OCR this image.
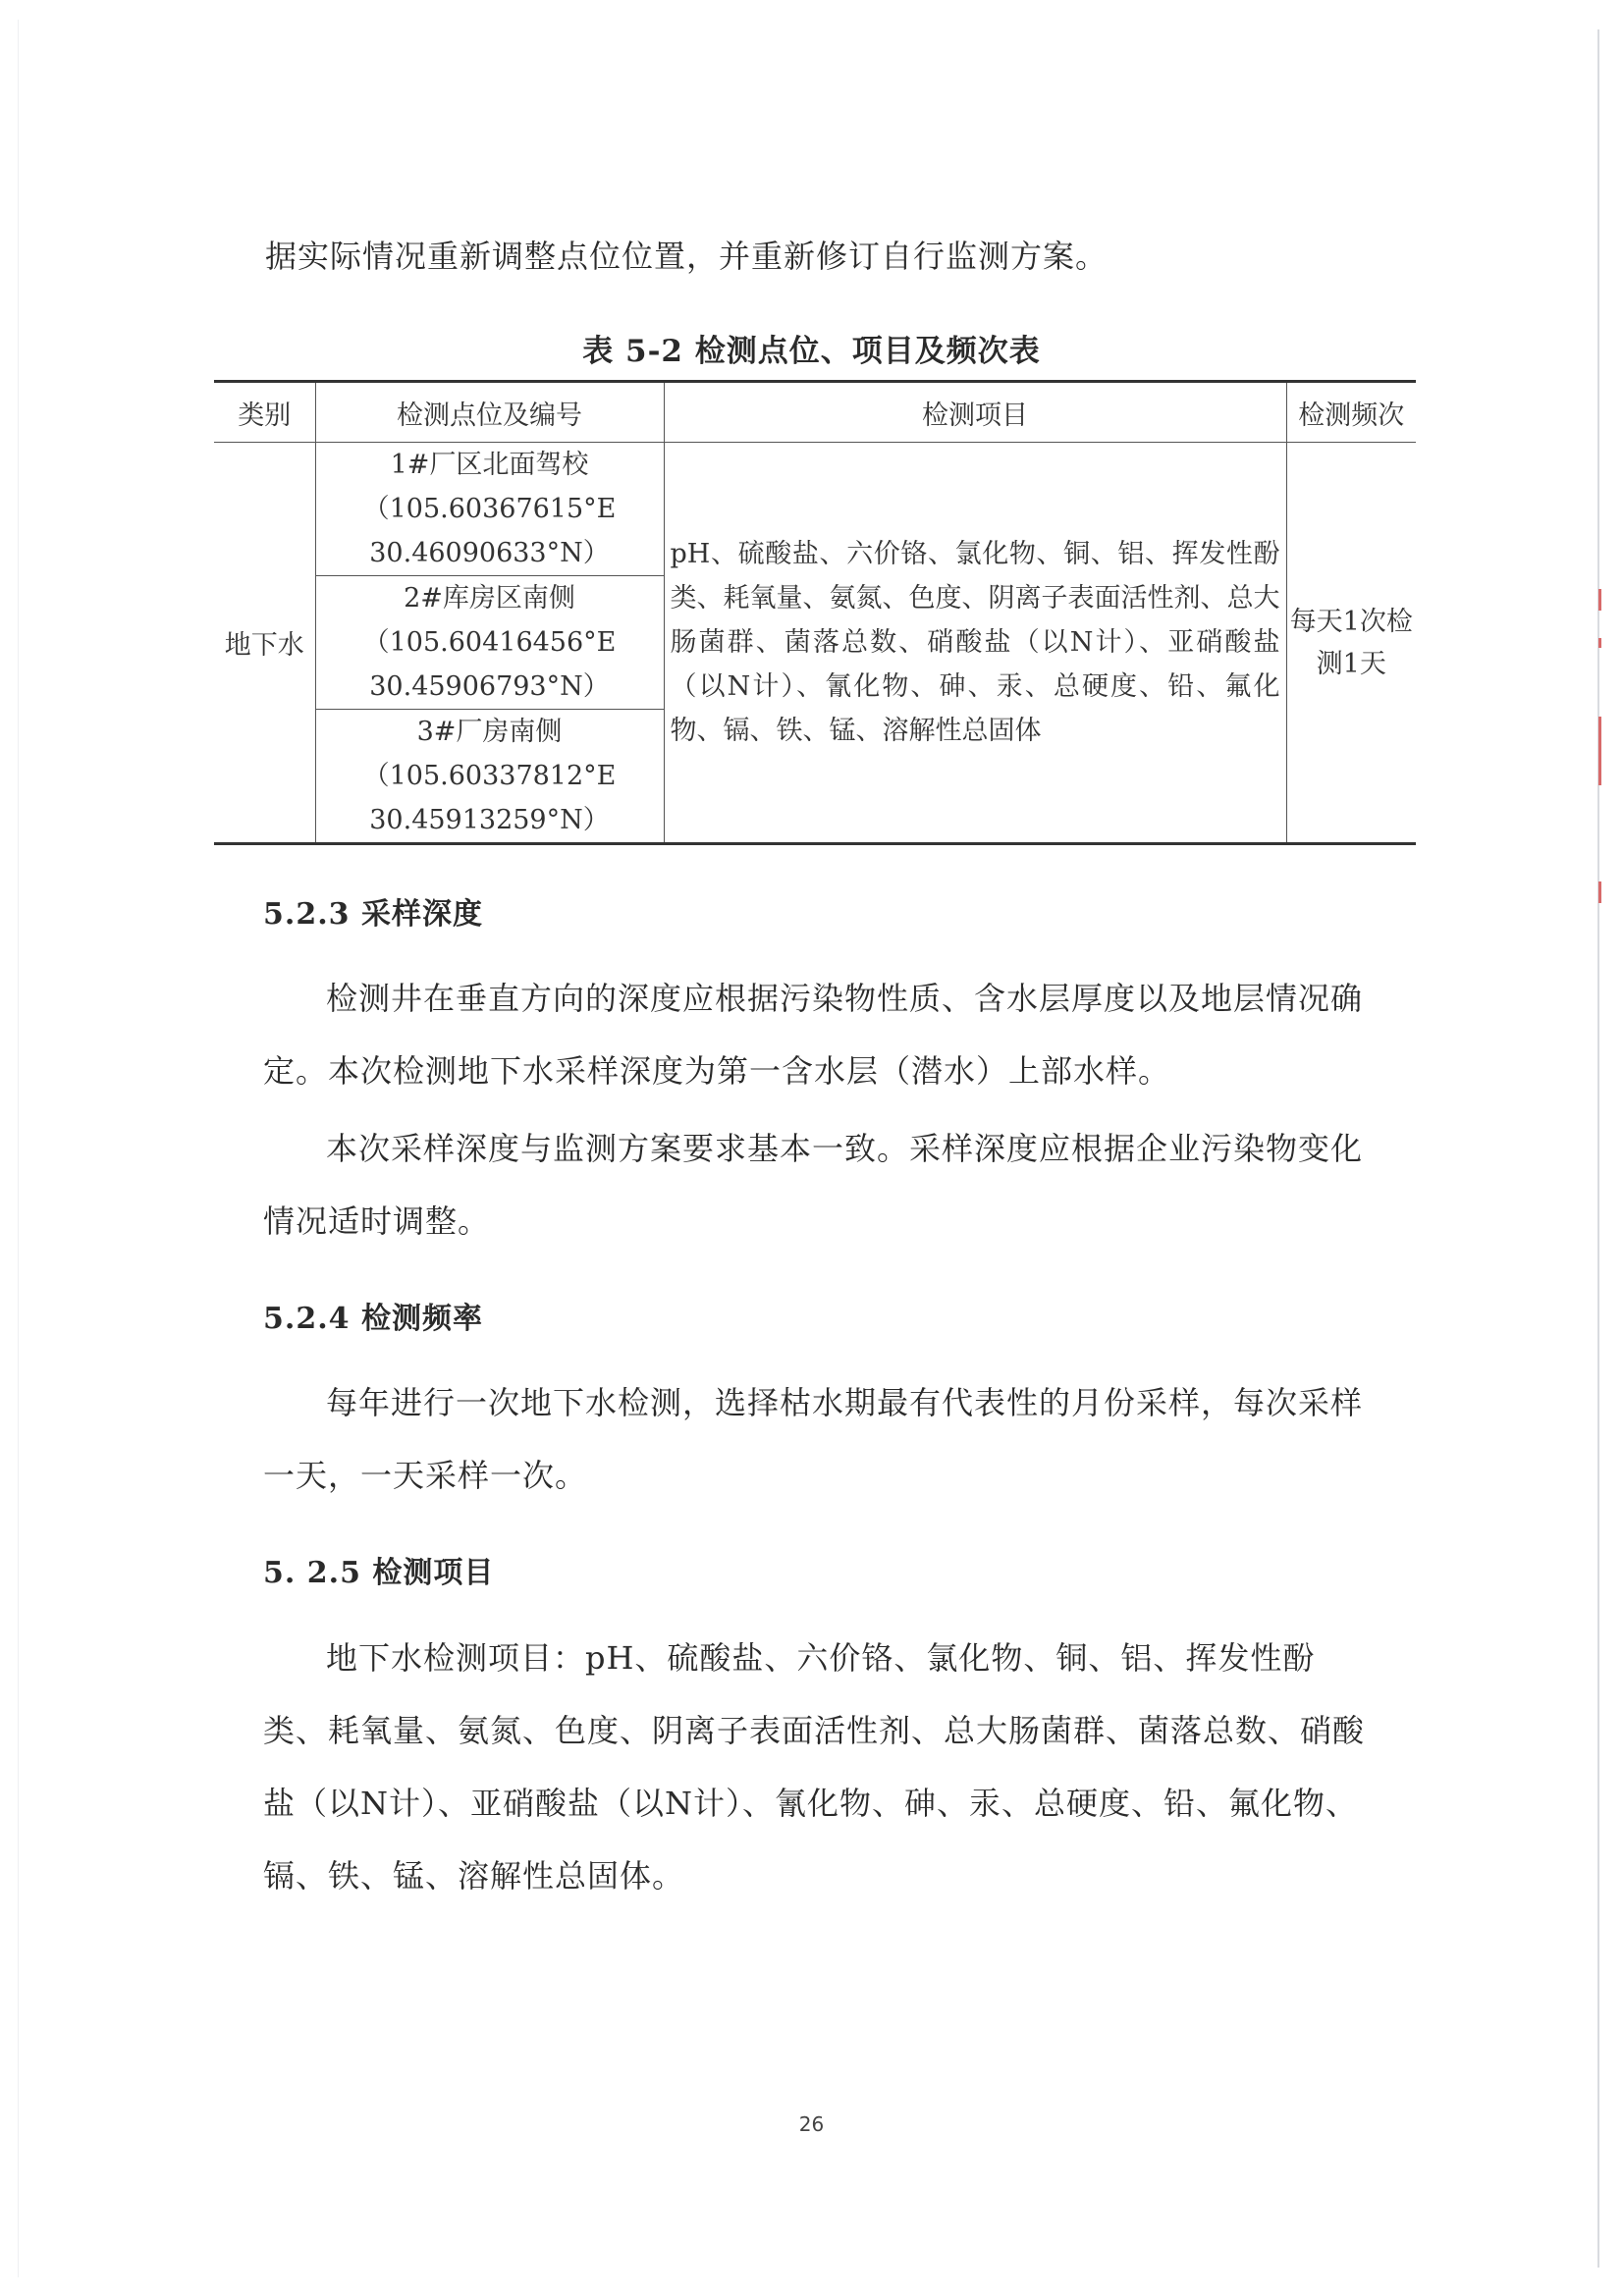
据实际情况重新调整点位位置，并重新修订自行监测方案。

表 5-2 检测点位、项目及频次表
类别	检测点位及编号	检测项目	检测频次
地下水	1#厂区北面驾校
（105.60367615°E
30.46090633°N）	pH、硫酸盐、六价铬、氯化物、铜、铝、挥发性酚类、耗氧量、氨氮、色度、阴离子表面活性剂、总大肠菌群、菌落总数、硝酸盐（以N计）、亚硝酸盐（以N计）、氰化物、砷、汞、总硬度、铅、氟化物、镉、铁、锰、溶解性总固体	每天1次检测1天

	2#库房区南侧
（105.60416456°E
30.45906793°N）		

	3#厂房南侧
（105.60337812°E
30.45913259°N）		
5.2.3 采样深度

检测井在垂直方向的深度应根据污染物性质、含水层厚度以及地层情况确定。本次检测地下水采样深度为第一含水层（潜水）上部水样。

本次采样深度与监测方案要求基本一致。采样深度应根据企业污染物变化情况适时调整。

5.2.4 检测频率

每年进行一次地下水检测，选择枯水期最有代表性的月份采样，每次采样一天，一天采样一次。

5. 2.5 检测项目

地下水检测项目：pH、硫酸盐、六价铬、氯化物、铜、铝、挥发性酚类、耗氧量、氨氮、色度、阴离子表面活性剂、总大肠菌群、菌落总数、硝酸盐（以N计）、亚硝酸盐（以N计）、氰化物、砷、汞、总硬度、铅、氟化物、镉、铁、锰、溶解性总固体。

26
